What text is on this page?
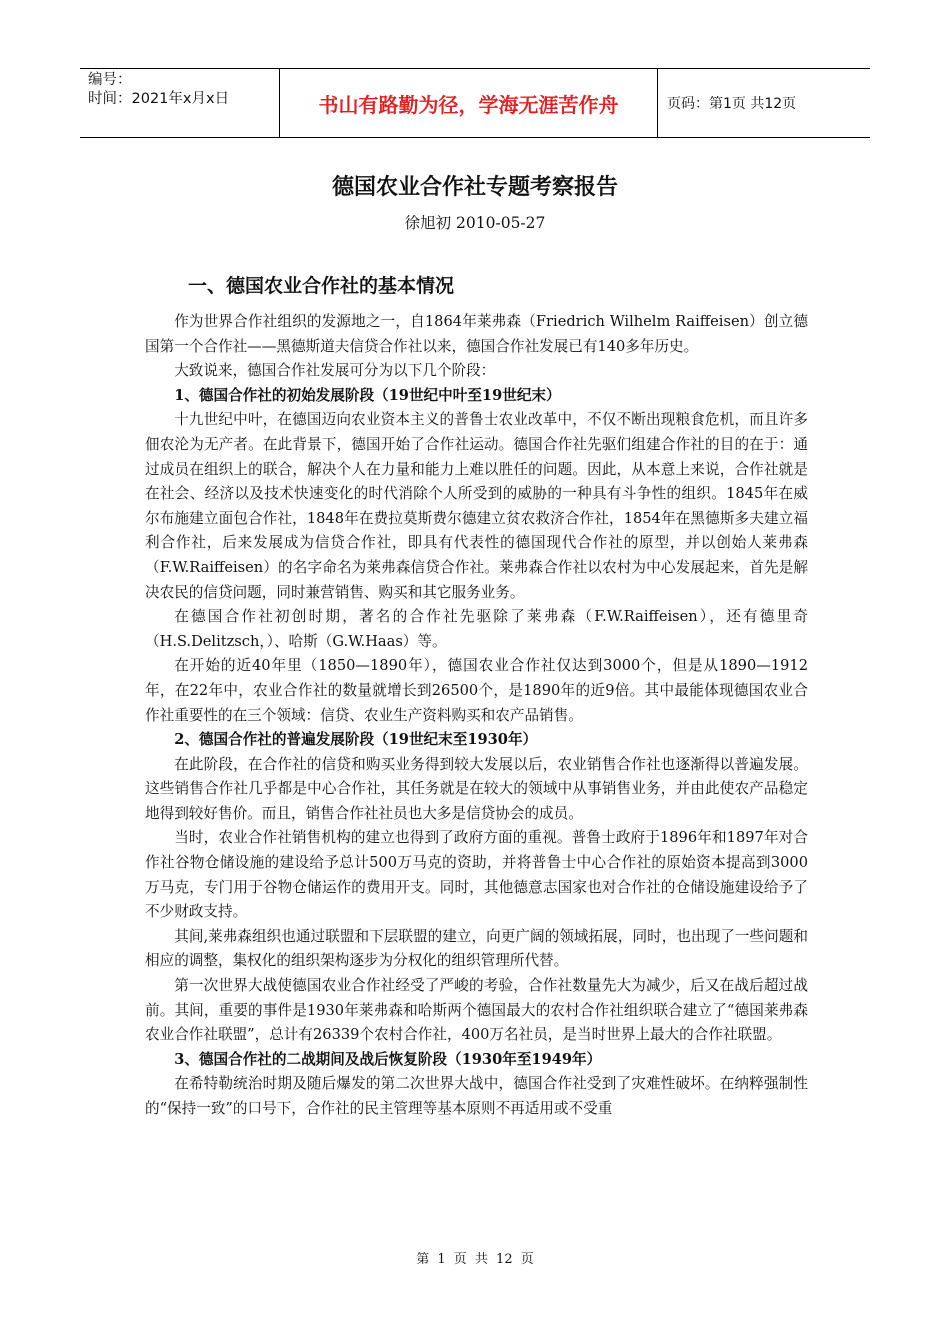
编号：
时间：2021年x月x日	书山有路勤为径，学海无涯苦作舟	页码：第1页 共12页
德国农业合作社专题考察报告
徐旭初 2010-05-27
一、德国农业合作社的基本情况

作为世界合作社组织的发源地之一，自1864年莱弗森（Friedrich Wilhelm Raiffeisen）创立德国第一个合作社——黑德斯道夫信贷合作社以来，德国合作社发展已有140多年历史。

大致说来，德国合作社发展可分为以下几个阶段：

1、德国合作社的初始发展阶段（19世纪中叶至19世纪末）

十九世纪中叶，在德国迈向农业资本主义的普鲁士农业改革中，不仅不断出现粮食危机，而且许多佃农沦为无产者。在此背景下，德国开始了合作社运动。德国合作社先驱们组建合作社的目的在于：通过成员在组织上的联合，解决个人在力量和能力上难以胜任的问题。因此，从本意上来说，合作社就是在社会、经济以及技术快速变化的时代消除个人所受到的威胁的一种具有斗争性的组织。1845年在威尔布施建立面包合作社，1848年在费拉莫斯费尔德建立贫农救济合作社，1854年在黑德斯多夫建立福利合作社，后来发展成为信贷合作社，即具有代表性的德国现代合作社的原型，并以创始人莱弗森（F.W.Raiffeisen）的名字命名为莱弗森信贷合作社。莱弗森合作社以农村为中心发展起来，首先是解决农民的信贷问题，同时兼营销售、购买和其它服务业务。

在德国合作社初创时期，著名的合作社先驱除了莱弗森（F.W.Raiffeisen），还有德里奇（H.S.Delitzsch，）、哈斯（G.W.Haas）等。

在开始的近40年里（1850—1890年），德国农业合作社仅达到3000个，但是从1890—1912年，在22年中，农业合作社的数量就增长到26500个，是1890年的近9倍。其中最能体现德国农业合作社重要性的在三个领域：信贷、农业生产资料购买和农产品销售。

2、德国合作社的普遍发展阶段（19世纪末至1930年）

在此阶段，在合作社的信贷和购买业务得到较大发展以后，农业销售合作社也逐渐得以普遍发展。这些销售合作社几乎都是中心合作社，其任务就是在较大的领域中从事销售业务，并由此使农产品稳定地得到较好售价。而且，销售合作社社员也大多是信贷协会的成员。

当时，农业合作社销售机构的建立也得到了政府方面的重视。普鲁士政府于1896年和1897年对合作社谷物仓储设施的建设给予总计500万马克的资助，并将普鲁士中心合作社的原始资本提高到3000万马克，专门用于谷物仓储运作的费用开支。同时，其他德意志国家也对合作社的仓储设施建设给予了不少财政支持。

其间,莱弗森组织也通过联盟和下层联盟的建立，向更广阔的领域拓展，同时，也出现了一些问题和相应的调整，集权化的组织架构逐步为分权化的组织管理所代替。

第一次世界大战使德国农业合作社经受了严峻的考验，合作社数量先大为减少，后又在战后超过战前。其间，重要的事件是1930年莱弗森和哈斯两个德国最大的农村合作社组织联合建立了“德国莱弗森农业合作社联盟”，总计有26339个农村合作社，400万名社员，是当时世界上最大的合作社联盟。

3、德国合作社的二战期间及战后恢复阶段（1930年至1949年）

在希特勒统治时期及随后爆发的第二次世界大战中，德国合作社受到了灾难性破坏。在纳粹强制性的“保持一致”的口号下，合作社的民主管理等基本原则不再适用或不受重

第 1 页 共 12 页
